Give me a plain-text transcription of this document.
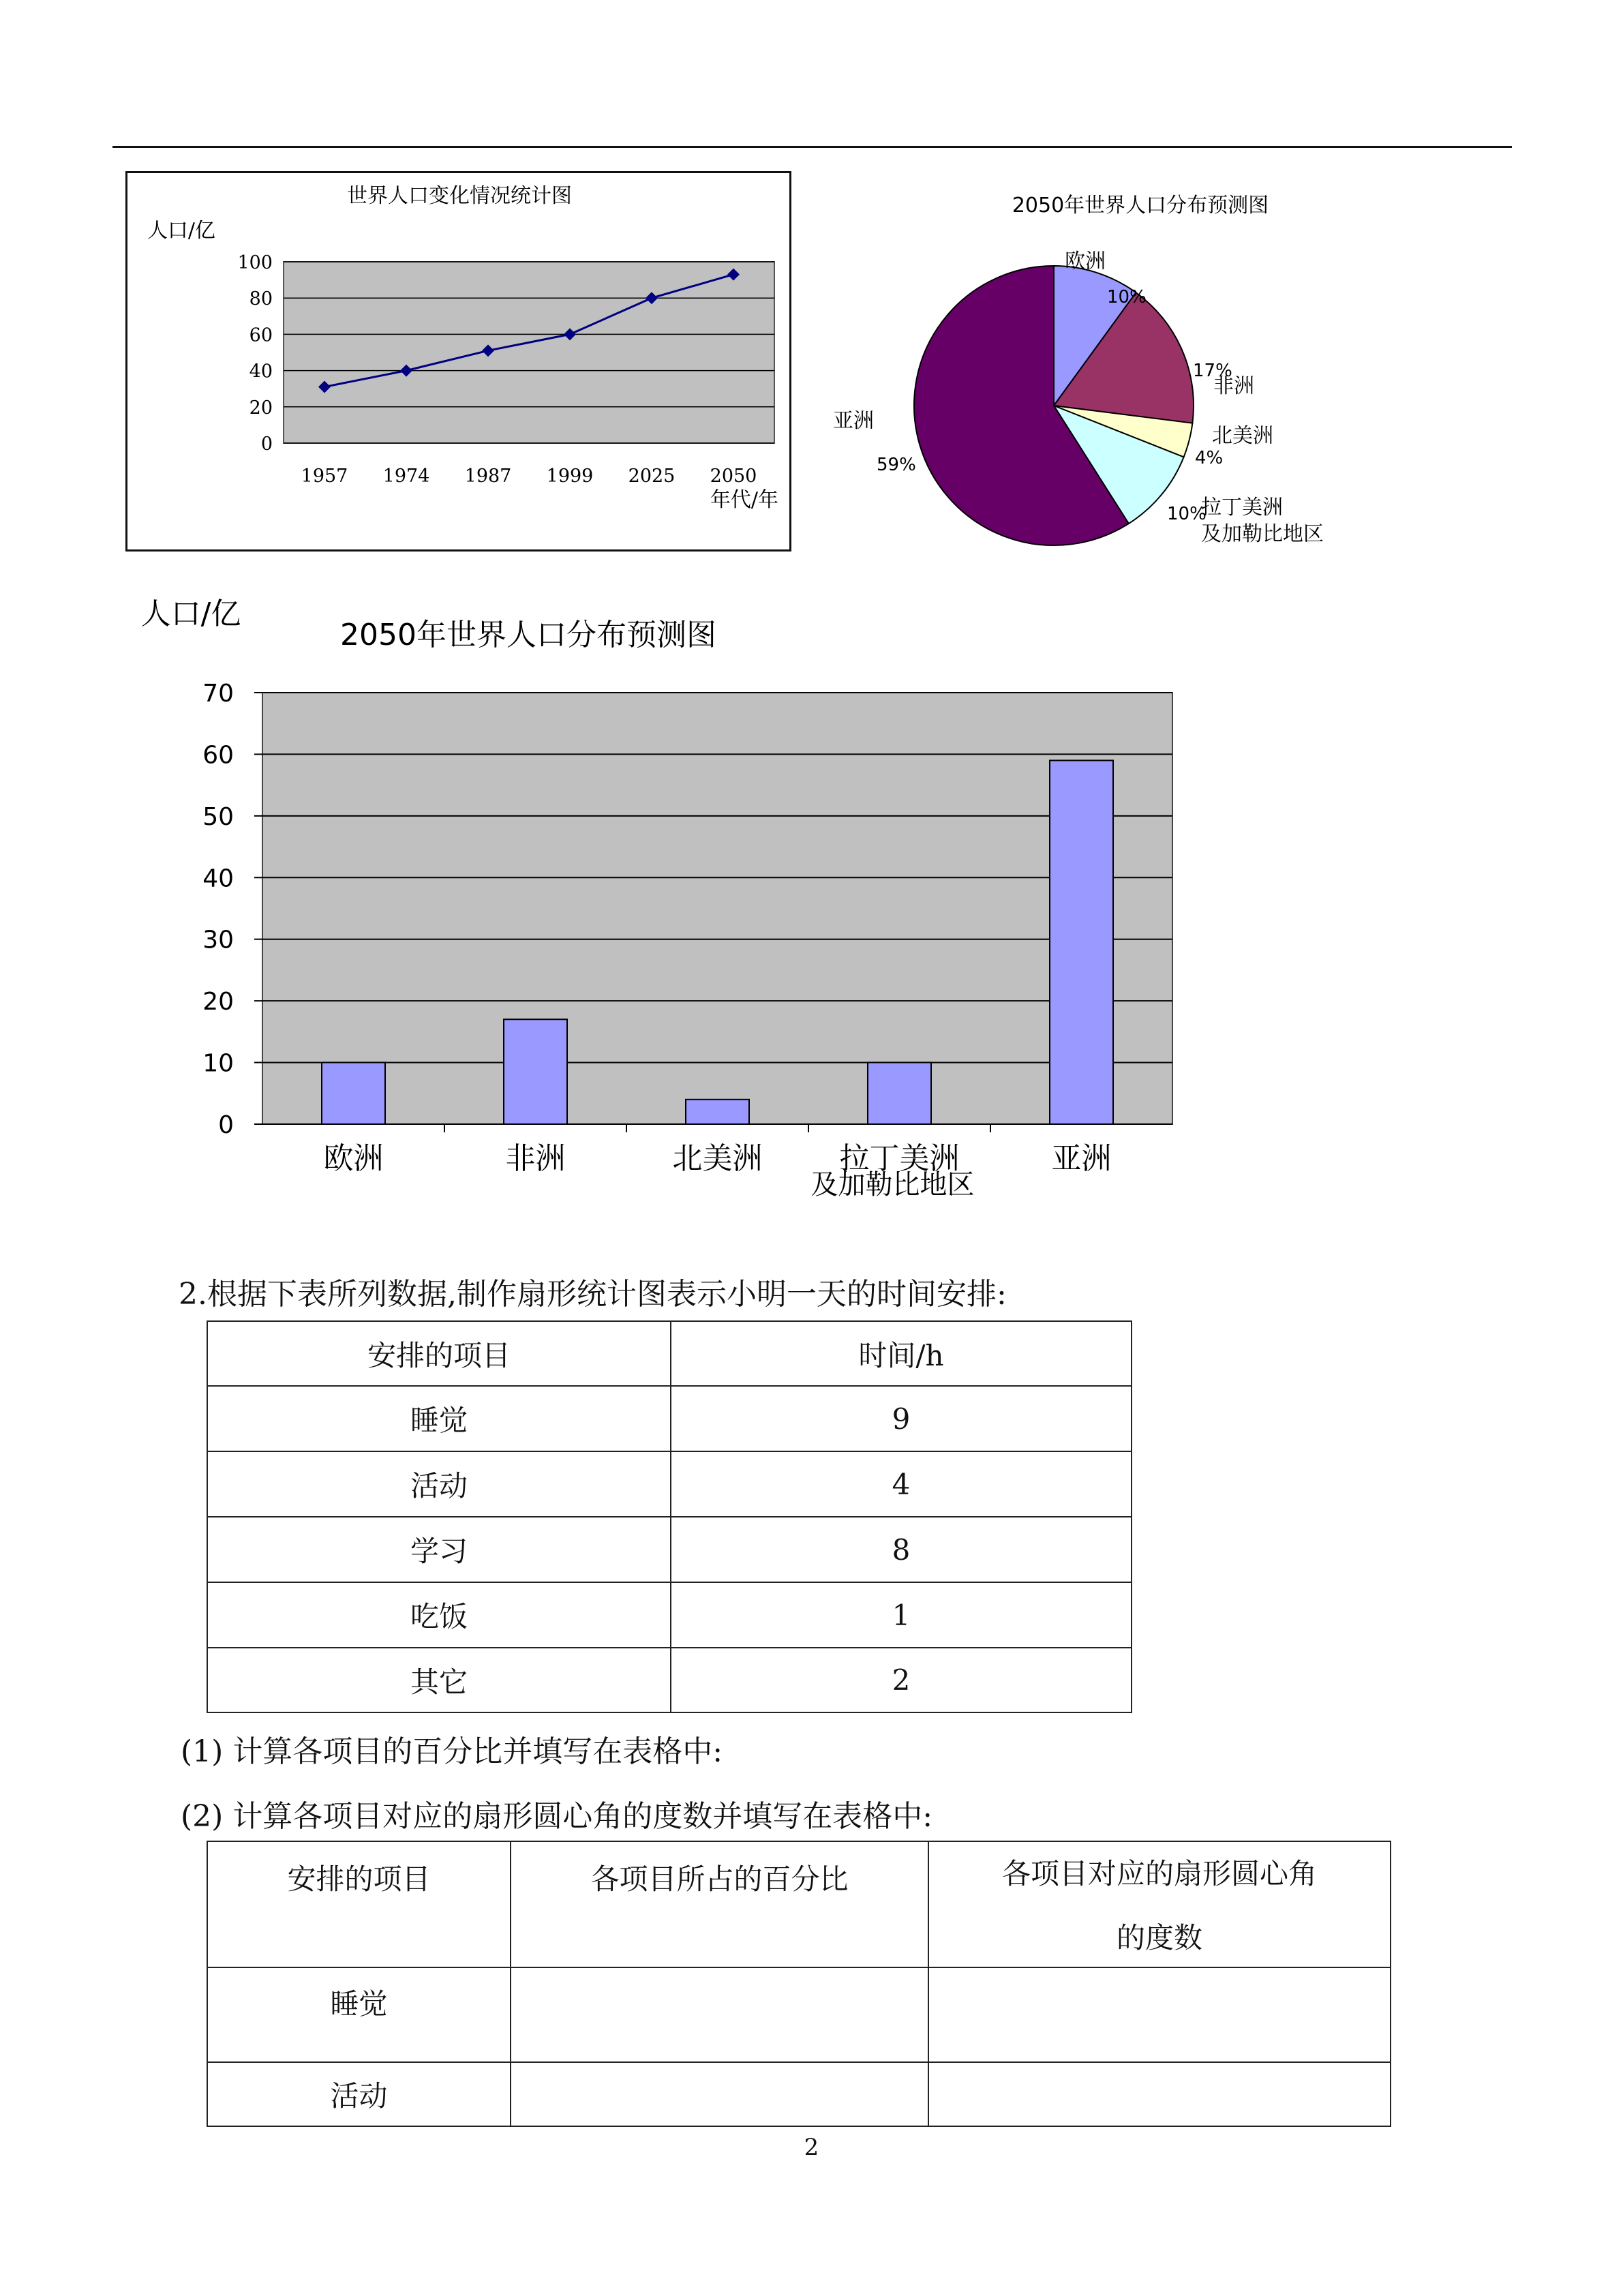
世界人口变化情况统计图
人口/亿
年代/年
0
20
40
60
80
100
1957 1974 1987 1999 2025 2050
2050年世界人口分布预测图
欧洲
10%
17%
非洲
北美洲
4%
10%
拉丁美洲
及加勒比地区
亚洲
59%
人口/亿
2050年世界人口分布预测图
0
10
20
30
40
50
60
70
欧洲	非洲	北美洲	拉丁美洲
及加勒比地区
亚洲
2.根据下表所列数据,制作扇形统计图表示小明一天的时间安排:
安排的项目	时间/h
睡觉	9
活动	4
学习	8
吃饭	1
其它	2
(1) 计算各项目的百分比并填写在表格中:
(2) 计算各项目对应的扇形圆心角的度数并填写在表格中:
安排的项目	各项目所占的百分比	各项目对应的扇形圆心角
的度数

睡觉		
活动		
2
